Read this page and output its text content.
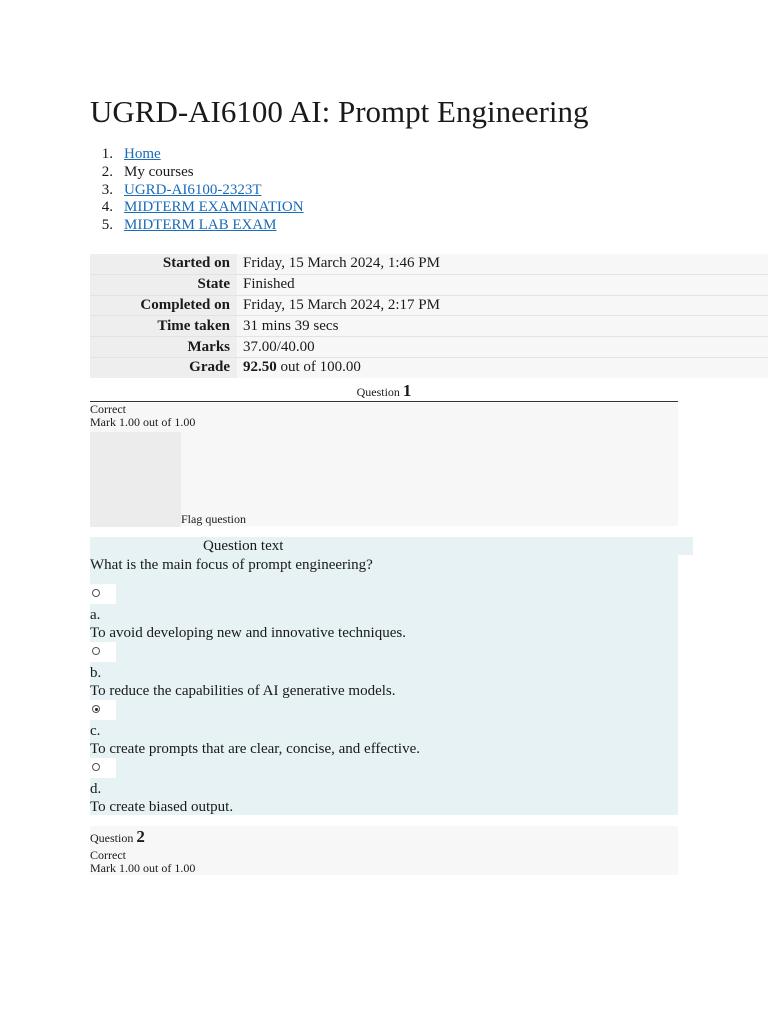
UGRD-AI6100 AI: Prompt Engineering
1. Home
2. My courses
3. UGRD-AI6100-2323T
4. MIDTERM EXAMINATION
5. MIDTERM LAB EXAM
Started on	Friday, 15 March 2024, 1:46 PM
State	Finished
Completed on	Friday, 15 March 2024, 2:17 PM
Time taken	31 mins 39 secs
Marks	37.00/40.00
Grade	92.50 out of 100.00
Question 1
Correct
Mark 1.00 out of 1.00
Flag question
Question text
What is the main focus of prompt engineering?
a.
To avoid developing new and innovative techniques.
b.
To reduce the capabilities of AI generative models.
c.
To create prompts that are clear, concise, and effective.
d.
To create biased output.
Question 2
Correct
Mark 1.00 out of 1.00
